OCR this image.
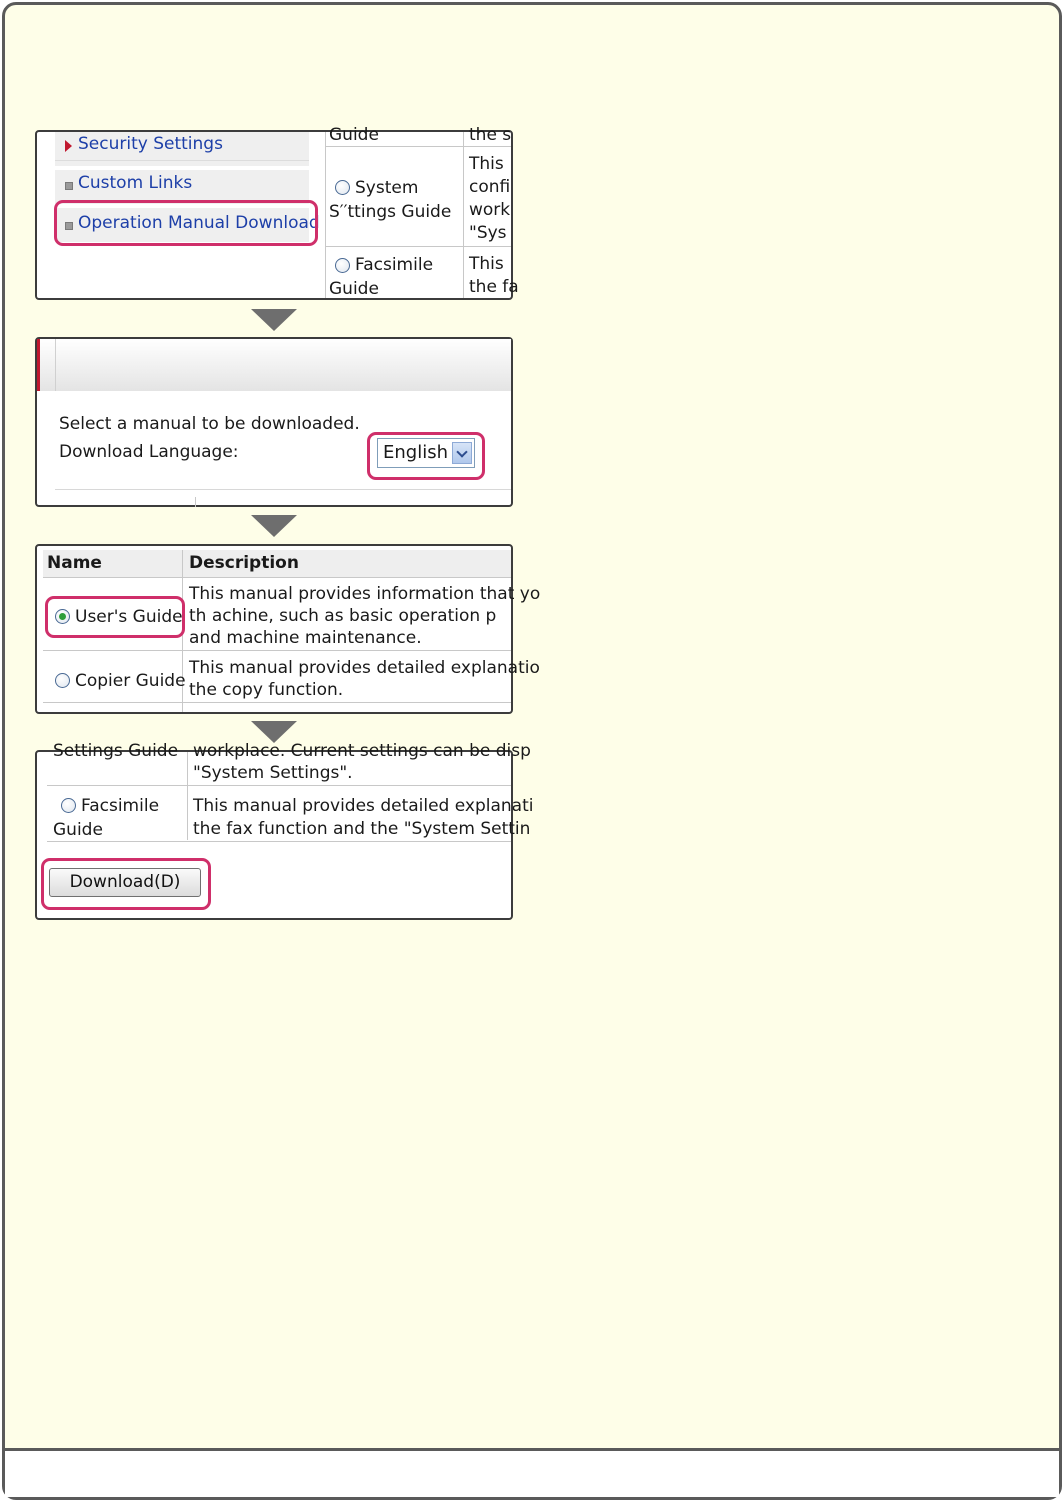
Security Settings
Custom Links
Operation Manual Download
Guide	the s
System
S′′ttings Guide
This
confi
work
"Sys
Facsimile
Guide
This
the fa
Select a manual to be downloaded.
Download Language:	English
Name	Description
User's Guide
This manual provides information that yo
th achine, such as basic operation p
and machine maintenance.
Copier Guide
This manual provides detailed explanatio
the copy function.
Settings Guide workplace. Current settings can be disp
"System Settings".
Facsimile
Guide
This manual provides detailed explanati
the fax function and the "System Settin
Download(D)
